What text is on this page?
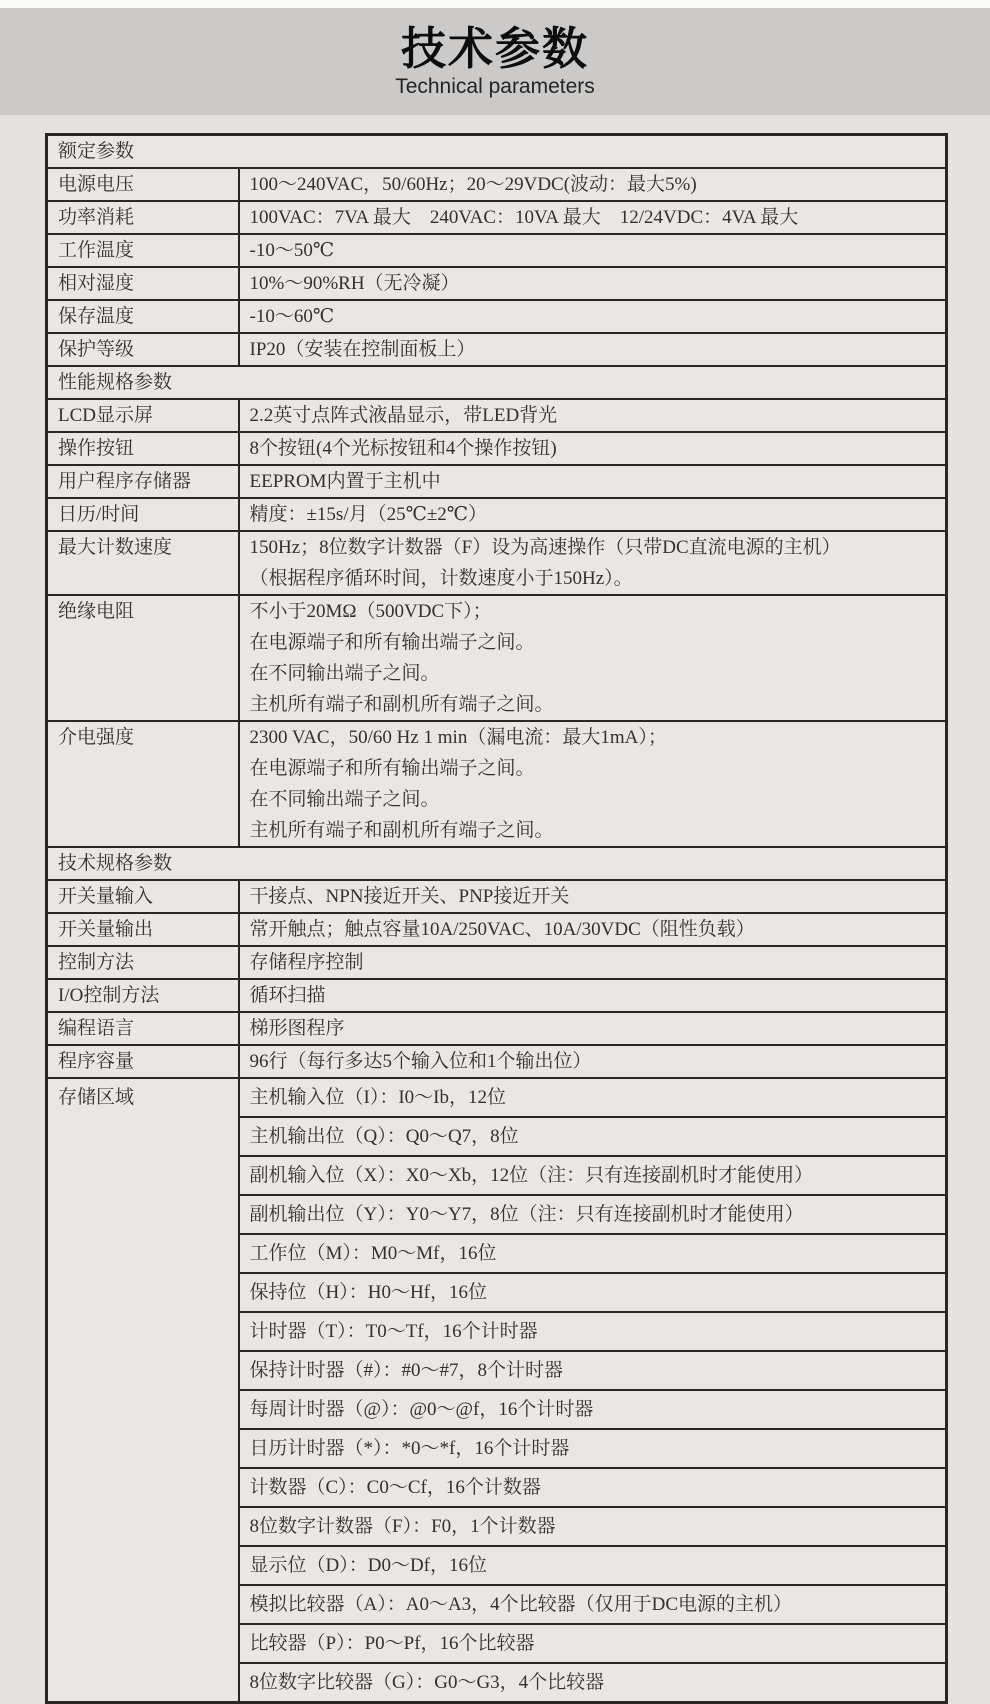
技术参数
Technical parameters
额定参数	
电源电压	100～240VAC，50/60Hz；20～29VDC(波动：最大5%)

功率消耗	100VAC：7VA 最大    240VAC：10VA 最大    12/24VDC：4VA 最大

工作温度	-10～50℃

相对湿度	10%～90%RH（无冷凝）

保存温度	-10～60℃

保护等级	IP20（安装在控制面板上）

性能规格参数	
LCD显示屏	2.2英寸点阵式液晶显示，带LED背光

操作按钮	8个按钮(4个光标按钮和4个操作按钮)

用户程序存储器	EEPROM内置于主机中

日历/时间	精度：±15s/月（25℃±2℃）

最大计数速度	150Hz；8位数字计数器（F）设为高速操作（只带DC直流电源的主机）
（根据程序循环时间，计数速度小于150Hz）。

绝缘电阻	不小于20MΩ（500VDC下）；
在电源端子和所有输出端子之间。
在不同输出端子之间。
主机所有端子和副机所有端子之间。

介电强度	2300 VAC，50/60 Hz 1 min（漏电流：最大1mA）；
在电源端子和所有输出端子之间。
在不同输出端子之间。
主机所有端子和副机所有端子之间。

技术规格参数	
开关量输入	干接点、NPN接近开关、PNP接近开关

开关量输出	常开触点；触点容量10A/250VAC、10A/30VDC（阻性负载）

控制方法	存储程序控制

I/O控制方法	循环扫描

编程语言	梯形图程序

程序容量	96行（每行多达5个输入位和1个输出位）

存储区域	主机输入位（I）：I0～Ib，12位
	主机输出位（Q）：Q0～Q7，8位
	副机输入位（X）：X0～Xb，12位（注：只有连接副机时才能使用）
	副机输出位（Y）：Y0～Y7，8位（注：只有连接副机时才能使用）
	工作位（M）：M0～Mf，16位
	保持位（H）：H0～Hf，16位
	计时器（T）：T0～Tf，16个计时器
	保持计时器（#）：#0～#7，8个计时器
	每周计时器（@）：@0～@f，16个计时器
	日历计时器（*）：*0～*f，16个计时器
	计数器（C）：C0～Cf，16个计数器
	8位数字计数器（F）：F0，1个计数器
	显示位（D）：D0～Df，16位
	模拟比较器（A）：A0～A3，4个比较器（仅用于DC电源的主机）
	比较器（P）：P0～Pf，16个比较器
	8位数字比较器（G）：G0～G3，4个比较器
